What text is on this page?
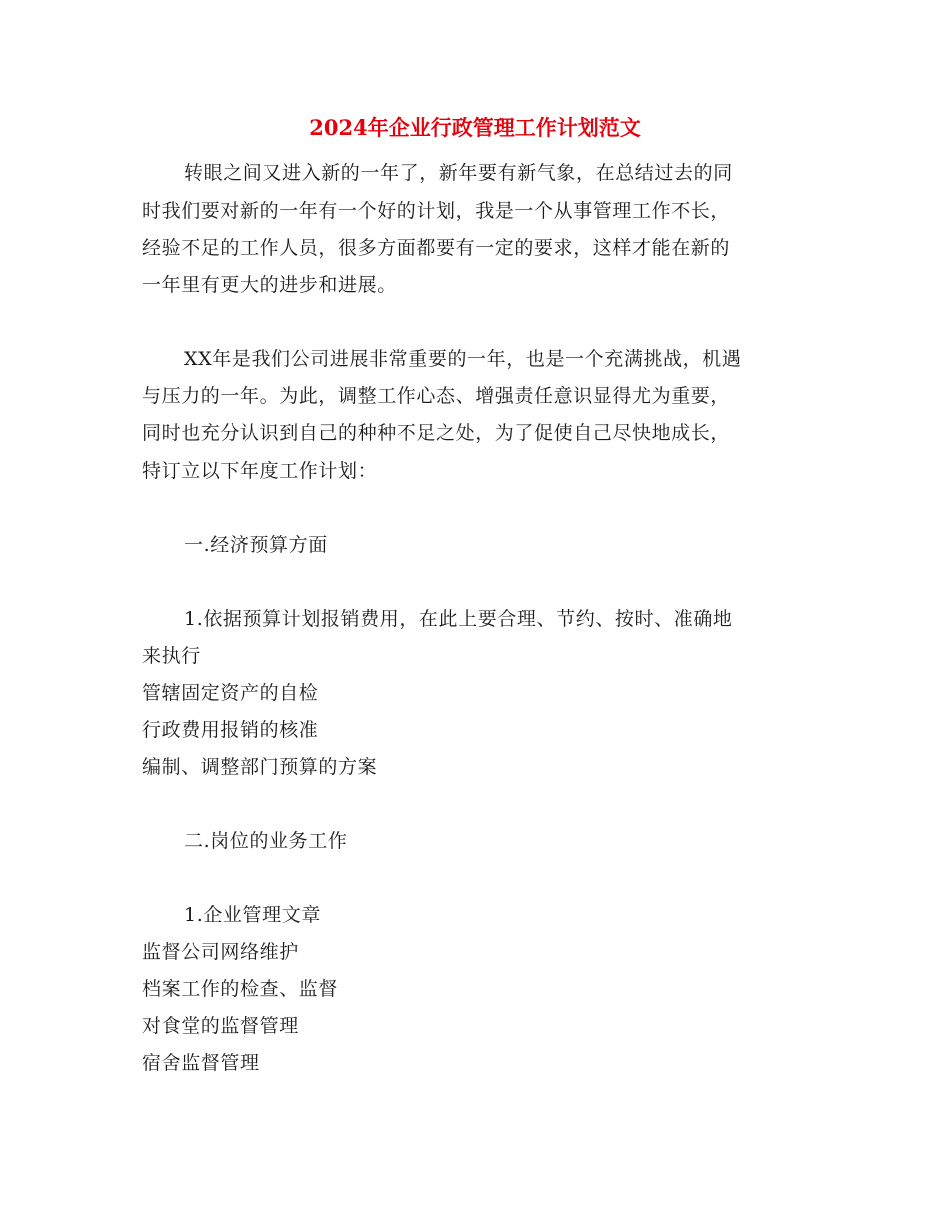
2024年企业行政管理工作计划范文
转眼之间又进入新的一年了，新年要有新气象，在总结过去的同
时我们要对新的一年有一个好的计划，我是一个从事管理工作不长，
经验不足的工作人员，很多方面都要有一定的要求，这样才能在新的
一年里有更大的进步和进展。
XX年是我们公司进展非常重要的一年，也是一个充满挑战，机遇
与压力的一年。为此，调整工作心态、增强责任意识显得尤为重要，
同时也充分认识到自己的种种不足之处，为了促使自己尽快地成长，
特订立以下年度工作计划：
一.经济预算方面
1.依据预算计划报销费用，在此上要合理、节约、按时、准确地
来执行
管辖固定资产的自检
行政费用报销的核准
编制、调整部门预算的方案
二.岗位的业务工作
1.企业管理文章
监督公司网络维护
档案工作的检查、监督
对食堂的监督管理
宿舍监督管理
